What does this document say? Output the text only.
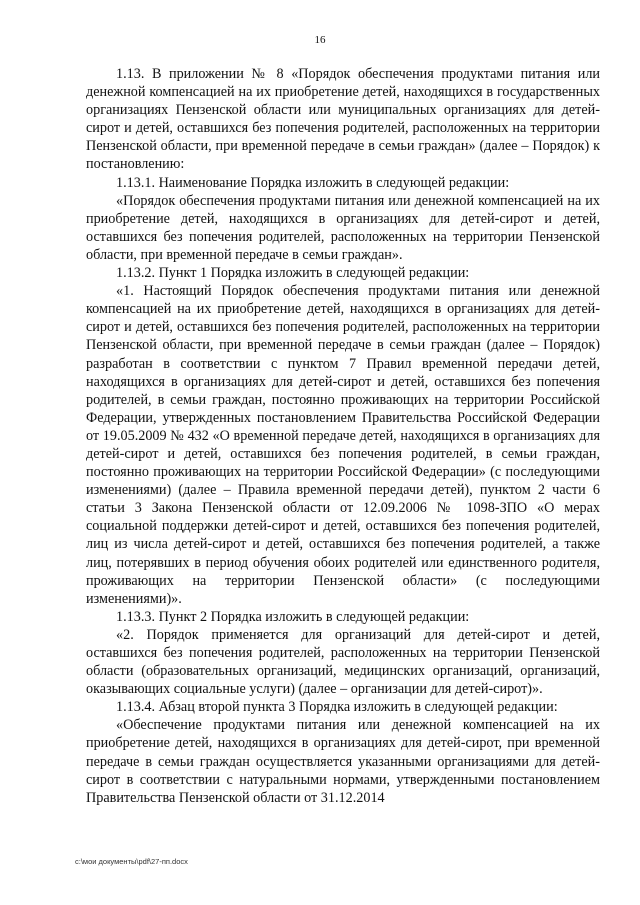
16

1.13. В приложении № 8 «Порядок обеспечения продуктами питания или денежной компенсацией на их приобретение детей, находящихся в государственных организациях Пензенской области или муниципальных организациях для детей-сирот и детей, оставшихся без попечения родителей, расположенных на территории Пензенской области, при временной передаче в семьи граждан» (далее – Порядок) к постановлению:

1.13.1. Наименование Порядка изложить в следующей редакции:

«Порядок обеспечения продуктами питания или денежной компенсацией на их приобретение детей, находящихся в организациях для детей-сирот и детей, оставшихся без попечения родителей, расположенных на территории Пензенской области, при временной передаче в семьи граждан».

1.13.2. Пункт 1 Порядка изложить в следующей редакции:

«1. Настоящий Порядок обеспечения продуктами питания или денежной компенсацией на их приобретение детей, находящихся в организациях для детей-сирот и детей, оставшихся без попечения родителей, расположенных на территории Пензенской области, при временной передаче в семьи граждан (далее – Порядок) разработан в соответствии с пунктом 7 Правил временной передачи детей, находящихся в организациях для детей-сирот и детей, оставшихся без попечения родителей, в семьи граждан, постоянно проживающих на территории Российской Федерации, утвержденных постановлением Правительства Российской Федерации от 19.05.2009 № 432 «О временной передаче детей, находящихся в организациях для детей-сирот и детей, оставшихся без попечения родителей, в семьи граждан, постоянно проживающих на территории Российской Федерации» (с последующими изменениями) (далее – Правила временной передачи детей), пунктом 2 части 6 статьи 3 Закона Пензенской области от 12.09.2006 № 1098-ЗПО «О мерах социальной поддержки детей-сирот и детей, оставшихся без попечения родителей, лиц из числа детей-сирот и детей, оставшихся без попечения родителей, а также лиц, потерявших в период обучения обоих родителей или единственного родителя, проживающих на территории Пензенской области» (с последующими изменениями)».

1.13.3. Пункт 2 Порядка изложить в следующей редакции:

«2. Порядок применяется для организаций для детей-сирот и детей, оставшихся без попечения родителей, расположенных на территории Пензенской области (образовательных организаций, медицинских организаций, организаций, оказывающих социальные услуги) (далее – организации для детей-сирот)».

1.13.4. Абзац второй пункта 3 Порядка изложить в следующей редакции:

«Обеспечение продуктами питания или денежной компенсацией на их приобретение детей, находящихся в организациях для детей-сирот, при временной передаче в семьи граждан осуществляется указанными организациями для детей-сирот в соответствии с натуральными нормами, утвержденными постановлением Правительства Пензенской области от 31.12.2014

c:\мои документы\pdf\27-пп.docx
